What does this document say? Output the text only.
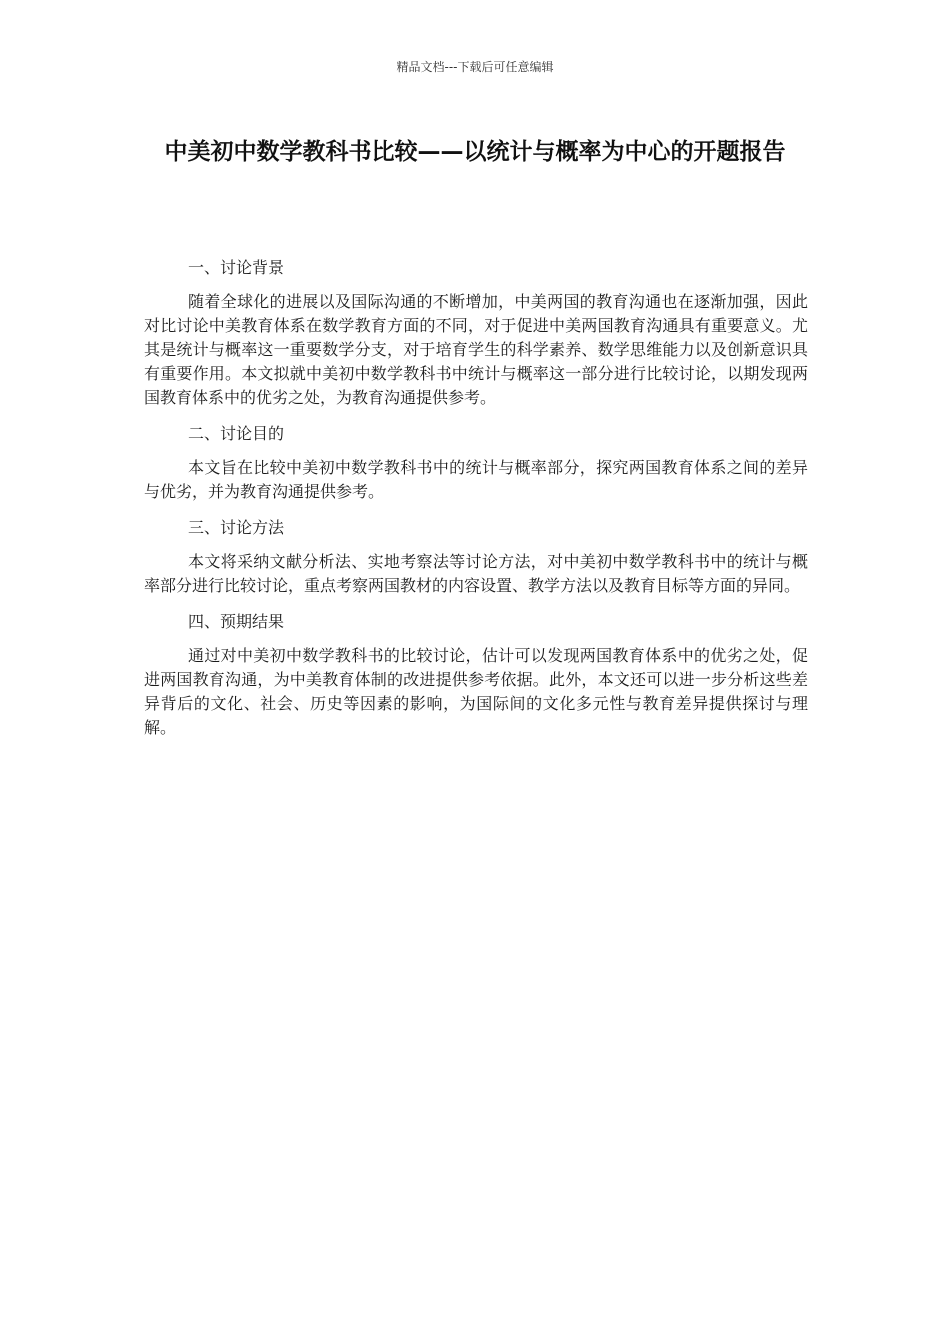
精品文档---下载后可任意编辑
中美初中数学教科书比较——以统计与概率为中心的开题报告

一、讨论背景

随着全球化的进展以及国际沟通的不断增加，中美两国的教育沟通也在逐渐加强，因此对比讨论中美教育体系在数学教育方面的不同，对于促进中美两国教育沟通具有重要意义。尤其是统计与概率这一重要数学分支，对于培育学生的科学素养、数学思维能力以及创新意识具有重要作用。本文拟就中美初中数学教科书中统计与概率这一部分进行比较讨论，以期发现两国教育体系中的优劣之处，为教育沟通提供参考。

二、讨论目的

本文旨在比较中美初中数学教科书中的统计与概率部分，探究两国教育体系之间的差异与优劣，并为教育沟通提供参考。

三、讨论方法

本文将采纳文献分析法、实地考察法等讨论方法，对中美初中数学教科书中的统计与概率部分进行比较讨论，重点考察两国教材的内容设置、教学方法以及教育目标等方面的异同。

四、预期结果

通过对中美初中数学教科书的比较讨论，估计可以发现两国教育体系中的优劣之处，促进两国教育沟通，为中美教育体制的改进提供参考依据。此外，本文还可以进一步分析这些差异背后的文化、社会、历史等因素的影响，为国际间的文化多元性与教育差异提供探讨与理解。
